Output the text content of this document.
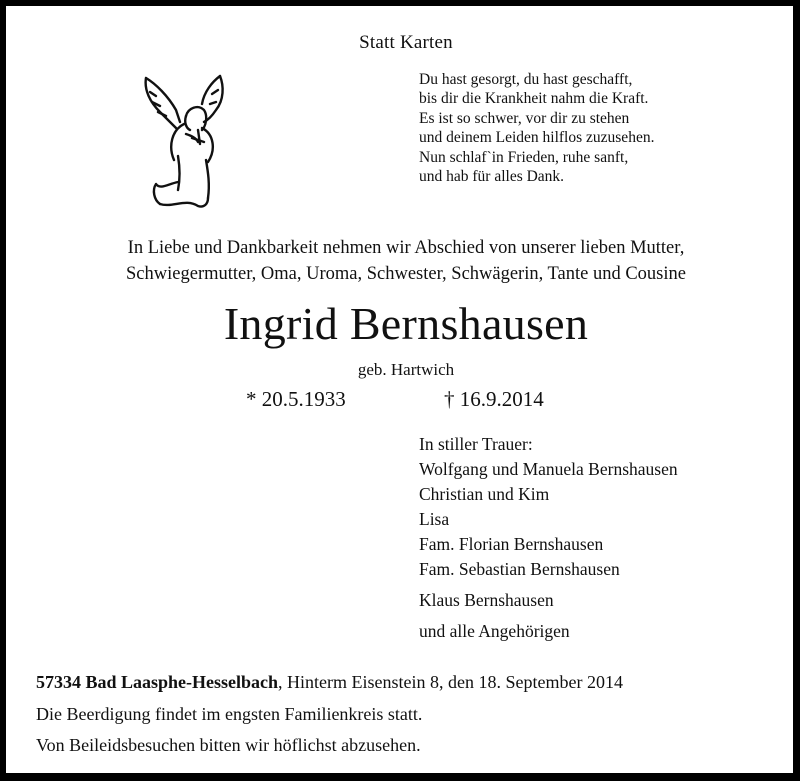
Statt Karten
Du hast gesorgt, du hast geschafft,
bis dir die Krankheit nahm die Kraft.
Es ist so schwer, vor dir zu stehen
und deinem Leiden hilflos zuzusehen.
Nun schlaf`in Frieden, ruhe sanft,
und hab für alles Dank.
In Liebe und Dankbarkeit nehmen wir Abschied von unserer lieben Mutter,
Schwiegermutter, Oma, Uroma, Schwester, Schwägerin, Tante und Cousine
Ingrid Bernshausen
geb. Hartwich
* 20.5.1933	† 16.9.2014
In stiller Trauer:
Wolfgang und Manuela Bernshausen
Christian und Kim
Lisa
Fam. Florian Bernshausen
Fam. Sebastian Bernshausen
Klaus Bernshausen
und alle Angehörigen
57334 Bad Laasphe-Hesselbach, Hinterm Eisenstein 8, den 18. September 2014
Die Beerdigung findet im engsten Familienkreis statt.
Von Beileidsbesuchen bitten wir höflichst abzusehen.
